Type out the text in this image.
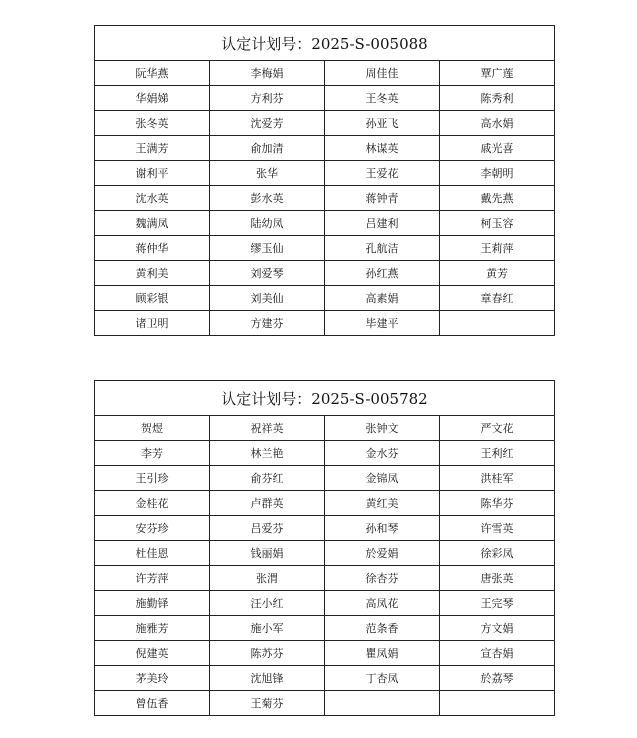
认定计划号：2025-S-005088			
阮华燕	李梅娟	周佳佳	覃广莲
华娟娣	方利芬	王冬英	陈秀利
张冬英	沈爱芳	孙亚飞	高水娟
王满芳	俞加清	林谋英	戚光喜
谢利平	张华	王爱花	李朝明
沈水英	彭水英	蒋钟青	戴先燕
魏满凤	陆幼凤	吕建利	柯玉容
蒋仲华	缪玉仙	孔航洁	王莉萍
黄利美	刘爱琴	孙红燕	黄芳
顾彩银	刘美仙	高素娟	章春红
诸卫明	方建芬	毕建平	
认定计划号：2025-S-005782			
贺煜	祝祥英	张钟文	严文花
李芳	林兰艳	金水芬	王利红
王引珍	俞芬红	金锦凤	洪桂军
金桂花	卢群英	黄红美	陈华芬
安芬珍	吕爱芬	孙和琴	许雪英
杜佳恩	钱丽娟	於爱娟	徐彩凤
许芳萍	张渭	徐杏芬	唐张英
施勤铎	汪小红	高凤花	王完琴
施雅芳	施小军	范条香	方文娟
倪建英	陈苏芬	瞿凤娟	宣杏娟
茅美玲	沈旭锋	丁杏凤	於荔琴
曾伍香	王菊芬		
